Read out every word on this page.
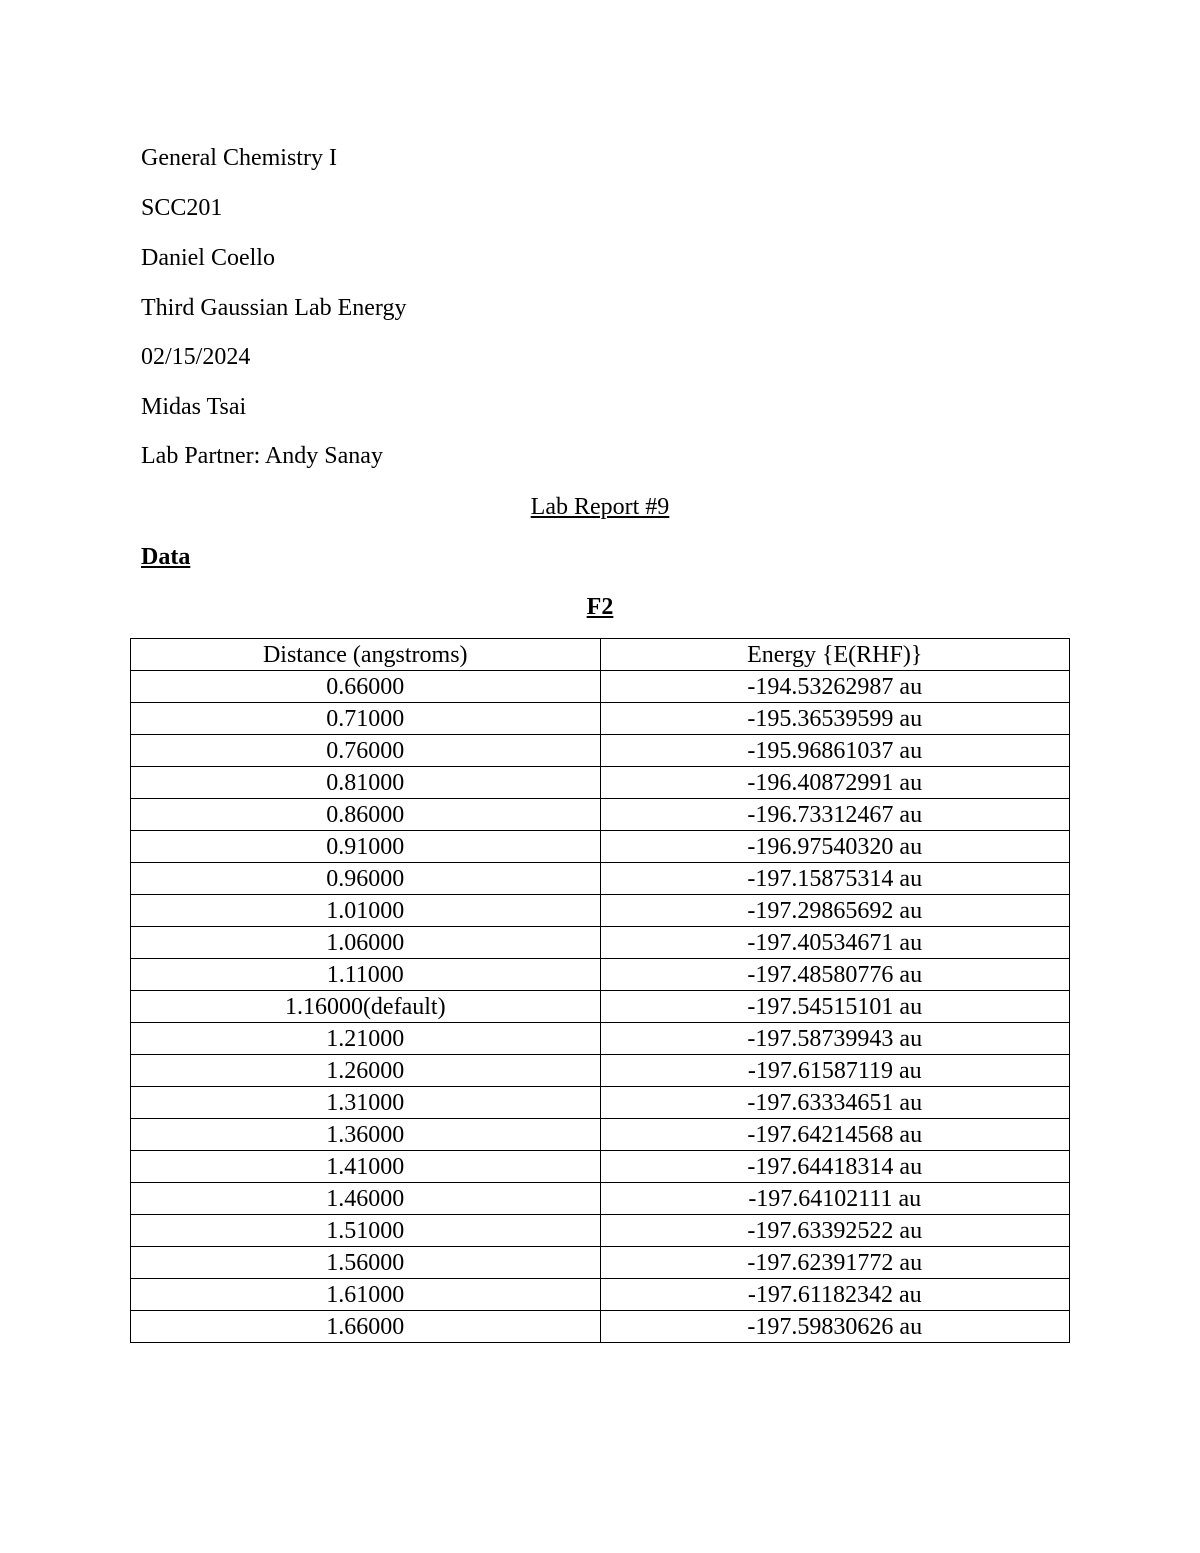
General Chemistry I
SCC201
Daniel Coello
Third Gaussian Lab Energy
02/15/2024
Midas Tsai
Lab Partner: Andy Sanay
Lab Report #9
Data
F2
Distance (angstroms)	Energy {E(RHF)}
0.66000	-194.53262987 au
0.71000	-195.36539599 au
0.76000	-195.96861037 au
0.81000	-196.40872991 au
0.86000	-196.73312467 au
0.91000	-196.97540320 au
0.96000	-197.15875314 au
1.01000	-197.29865692 au
1.06000	-197.40534671 au
1.11000	-197.48580776 au
1.16000(default)	-197.54515101 au
1.21000	-197.58739943 au
1.26000	-197.61587119 au
1.31000	-197.63334651 au
1.36000	-197.64214568 au
1.41000	-197.64418314 au
1.46000	-197.64102111 au
1.51000	-197.63392522 au
1.56000	-197.62391772 au
1.61000	-197.61182342 au
1.66000	-197.59830626 au
